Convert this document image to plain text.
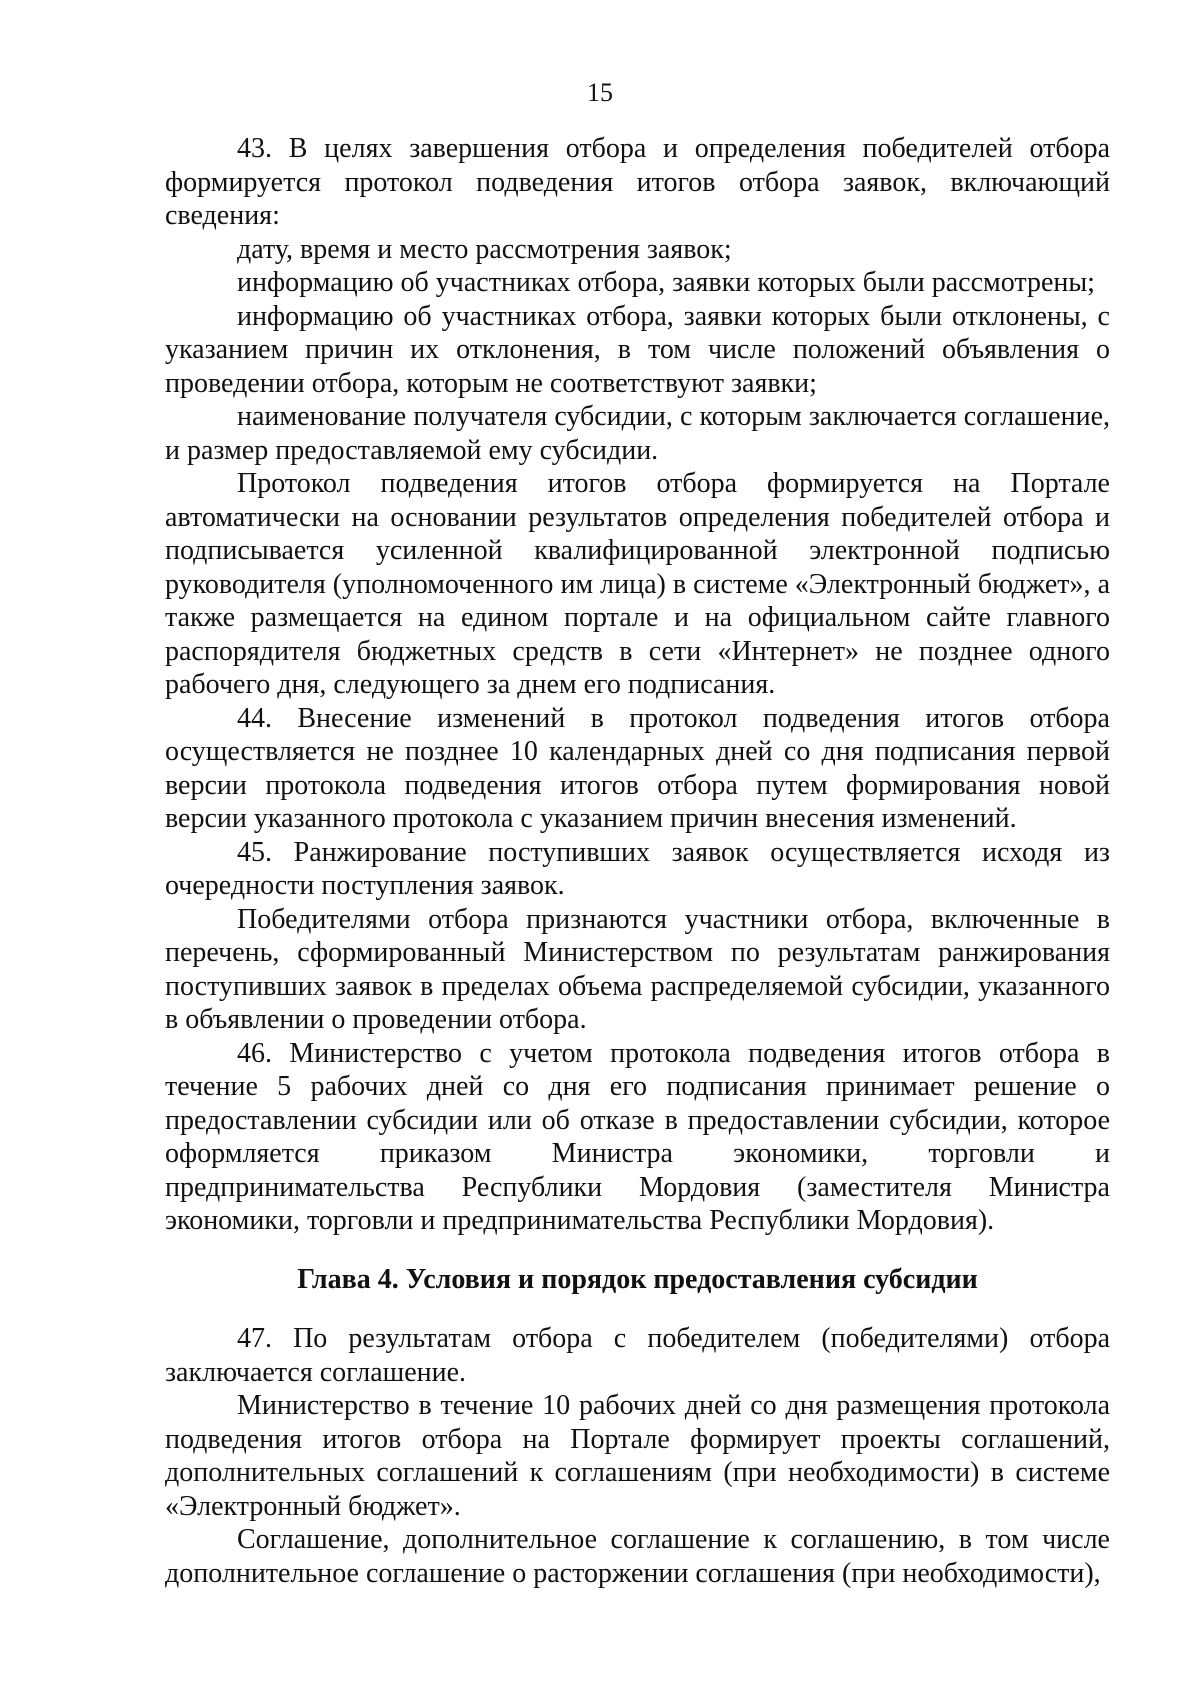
15

43. В целях завершения отбора и определения победителей отбора формируется протокол подведения итогов отбора заявок, включающий сведения:

дату, время и место рассмотрения заявок;

информацию об участниках отбора, заявки которых были рассмотрены;

информацию об участниках отбора, заявки которых были отклонены, с указанием причин их отклонения, в том числе положений объявления о проведении отбора, которым не соответствуют заявки;

наименование получателя субсидии, с которым заключается соглашение, и размер предоставляемой ему субсидии.

Протокол подведения итогов отбора формируется на Портале автоматически на основании результатов определения победителей отбора и подписывается усиленной квалифицированной электронной подписью руководителя (уполномоченного им лица) в системе «Электронный бюджет», а также размещается на едином портале и на официальном сайте главного распорядителя бюджетных средств в сети «Интернет» не позднее одного рабочего дня, следующего за днем его подписания.

44. Внесение изменений в протокол подведения итогов отбора осуществляется не позднее 10 календарных дней со дня подписания первой версии протокола подведения итогов отбора путем формирования новой версии указанного протокола с указанием причин внесения изменений.

45. Ранжирование поступивших заявок осуществляется исходя из очередности поступления заявок.

Победителями отбора признаются участники отбора, включенные в перечень, сформированный Министерством по результатам ранжирования поступивших заявок в пределах объема распределяемой субсидии, указанного в объявлении о проведении отбора.

46. Министерство с учетом протокола подведения итогов отбора в течение 5 рабочих дней со дня его подписания принимает решение о предоставлении субсидии или об отказе в предоставлении субсидии, которое оформляется приказом Министра экономики, торговли и предпринимательства Республики Мордовия (заместителя Министра экономики, торговли и предпринимательства Республики Мордовия).

Глава 4. Условия и порядок предоставления субсидии

47. По результатам отбора с победителем (победителями) отбора заключается соглашение.

Министерство в течение 10 рабочих дней со дня размещения протокола подведения итогов отбора на Портале формирует проекты соглашений, дополнительных соглашений к соглашениям (при необходимости) в системе «Электронный бюджет».

Соглашение, дополнительное соглашение к соглашению, в том числе дополнительное соглашение о расторжении соглашения (при необходимости),
